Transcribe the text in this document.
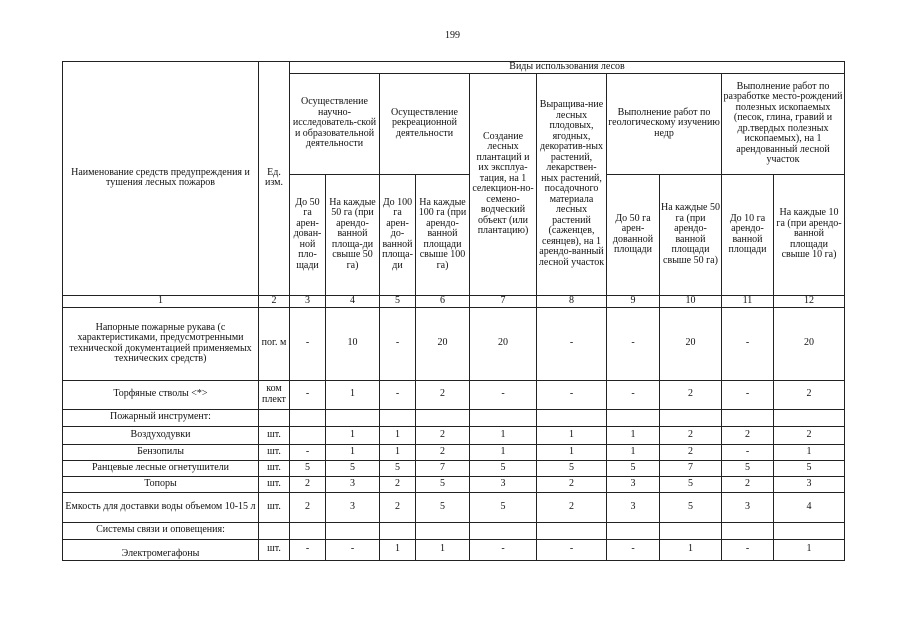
199
Наименование средств предупреждения и тушения лесных пожаров	Ед. изм.	Виды использования лесов									
		Осуществление научно-исследователь-ской и образовательной деятельности		Осуществление рекреационной деятельности		Создание лесных плантаций и их эксплуа-тация, на 1 селекцион-но-семено-водческий объект (или плантацию)	Выращива-ние лесных плодовых, ягодных, декоратив-ных растений, лекарствен-ных растений, посадочного материала лесных растений (саженцев, сеянцев), на 1 арендо-ванный лесной участок	Выполнение работ по геологическому изучению недр		Выполнение работ по разработке место-рождений полезных ископаемых (песок, глина, гравий и др.твердых полезных ископаемых), на 1 арендованный лесной участок	
		До 50 га арен-дован-ной пло-щади	На каждые 50 га (при арендо-ванной площа-ди свыше 50 га)	До 100 га арен-до-ванной площа-ди	На каждые 100 га (при арендо-ванной площади свыше 100 га)			До 50 га арен-дованной площади	На каждые 50 га (при арендо-ванной площади свыше 50 га)	До 10 га арендо-ванной площади	На каждые 10 га (при арендо-ванной площади свыше 10 га)
1	2	3	4	5	6	7	8	9	10	11	12
Напорные пожарные рукава (с характеристиками, предусмотренными технической документацией применяемых технических средств)	пог. м	-	10	-	20	20	-	-	20	-	20
Торфяные стволы <*>	ком плект	-	1	-	2	-	-	-	2	-	2
Пожарный инструмент:											
Воздуходувки	шт.		1	1	2	1	1	1	2	2	2
Бензопилы	шт.	-	1	1	2	1	1	1	2	-	1
Ранцевые лесные огнетушители	шт.	5	5	5	7	5	5	5	7	5	5
Топоры	шт.	2	3	2	5	3	2	3	5	2	3
Емкость для доставки воды объемом 10-15 л	шт.	2	3	2	5	5	2	3	5	3	4
Системы связи и оповещения:											
Электромегафоны	шт.	-	-	1	1	-	-	-	1	-	1
